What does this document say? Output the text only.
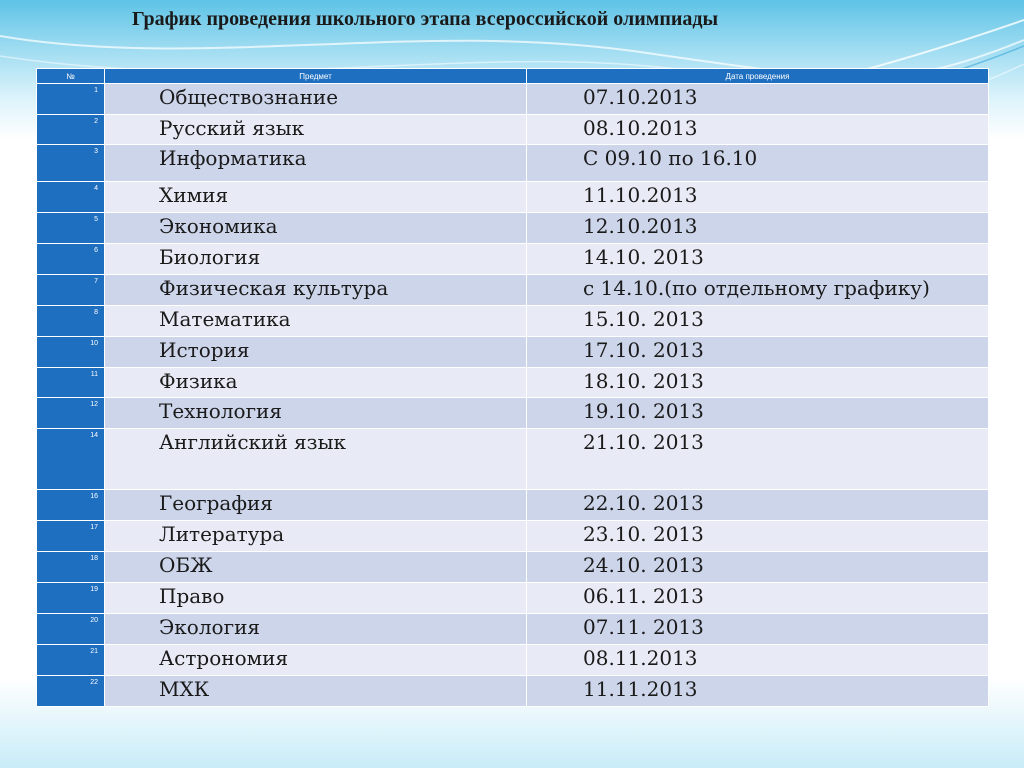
График проведения школьного этапа всероссийской олимпиады
№	Предмет	Дата проведения
1	Обществознание	07.10.2013
2	Русский язык	08.10.2013
3	Информатика	С 09.10 по 16.10
4	Химия	11.10.2013
5	Экономика	12.10.2013
6	Биология	14.10. 2013
7	Физическая культура	с 14.10.(по отдельному графику)
8	Математика	15.10. 2013
10	История	17.10. 2013
11	Физика	18.10. 2013
12	Технология	19.10. 2013
14	Английский язык	21.10. 2013
16	География	22.10. 2013
17	Литература	23.10. 2013
18	ОБЖ	24.10. 2013
19	Право	06.11. 2013
20	Экология	07.11. 2013
21	Астрономия	08.11.2013
22	МХК	11.11.2013
